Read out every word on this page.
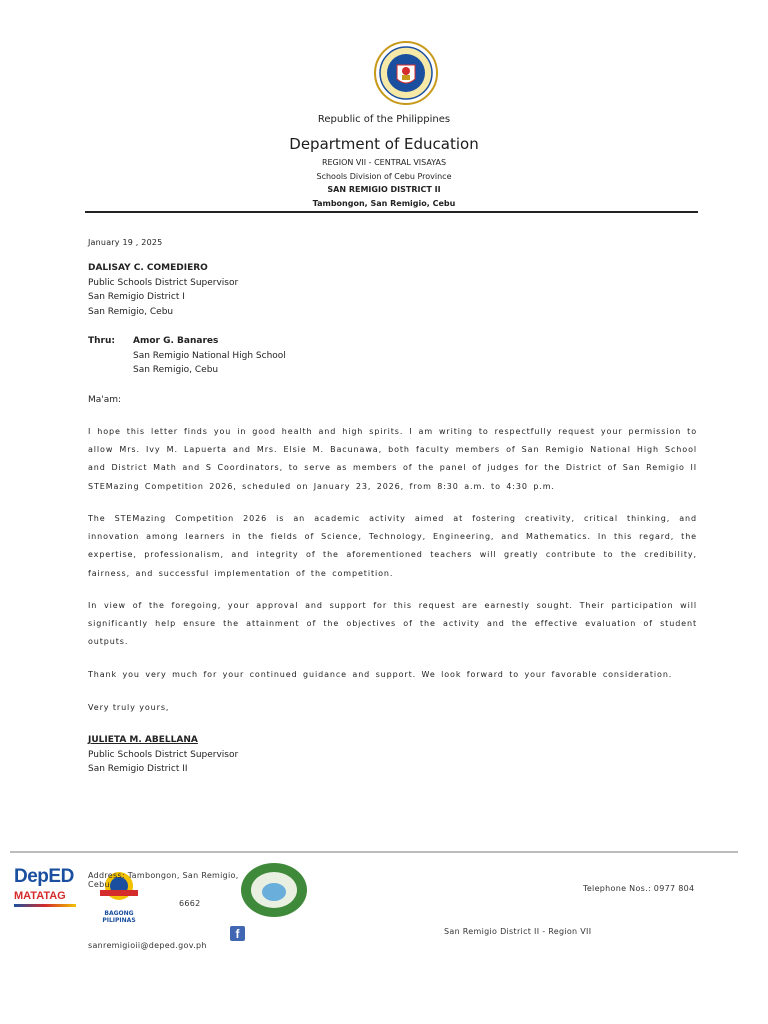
Republic of the Philippines
Department of Education
REGION VII - CENTRAL VISAYAS
Schools Division of Cebu Province
SAN REMIGIO DISTRICT II
Tambongon, San Remigio, Cebu
January 19 , 2025
DALISAY C. COMEDIERO
Public Schools District Supervisor
San Remigio District I
San Remigio, Cebu
Thru: Amor G. Banares
San Remigio National High School
San Remigio, Cebu
Ma'am:
I hope this letter finds you in good health and high spirits. I am writing to respectfully request your permission to allow Mrs. Ivy M. Lapuerta and Mrs. Elsie M. Bacunawa, both faculty members of San Remigio National High School and District Math and S Coordinators, to serve as members of the panel of judges for the District of San Remigio II STEMazing Competition 2026, scheduled on January 23, 2026, from 8:30 a.m. to 4:30 p.m.
The STEMazing Competition 2026 is an academic activity aimed at fostering creativity, critical thinking, and innovation among learners in the fields of Science, Technology, Engineering, and Mathematics. In this regard, the expertise, professionalism, and integrity of the aforementioned teachers will greatly contribute to the credibility, fairness, and successful implementation of the competition.
In view of the foregoing, your approval and support for this request are earnestly sought. Their participation will significantly help ensure the attainment of the objectives of the activity and the effective evaluation of student outputs.
Thank you very much for your continued guidance and support. We look forward to your favorable consideration.
Very truly yours,
JULIETA M. ABELLANA
Public Schools District Supervisor
San Remigio District II
DepED
MATATAG
BAGONG PILIPINAS
Address: Tambongon, San Remigio, Cebu
6662
Telephone Nos.: 0977 804
f	San Remigio District II - Region VII
sanremigioii@deped.gov.ph
